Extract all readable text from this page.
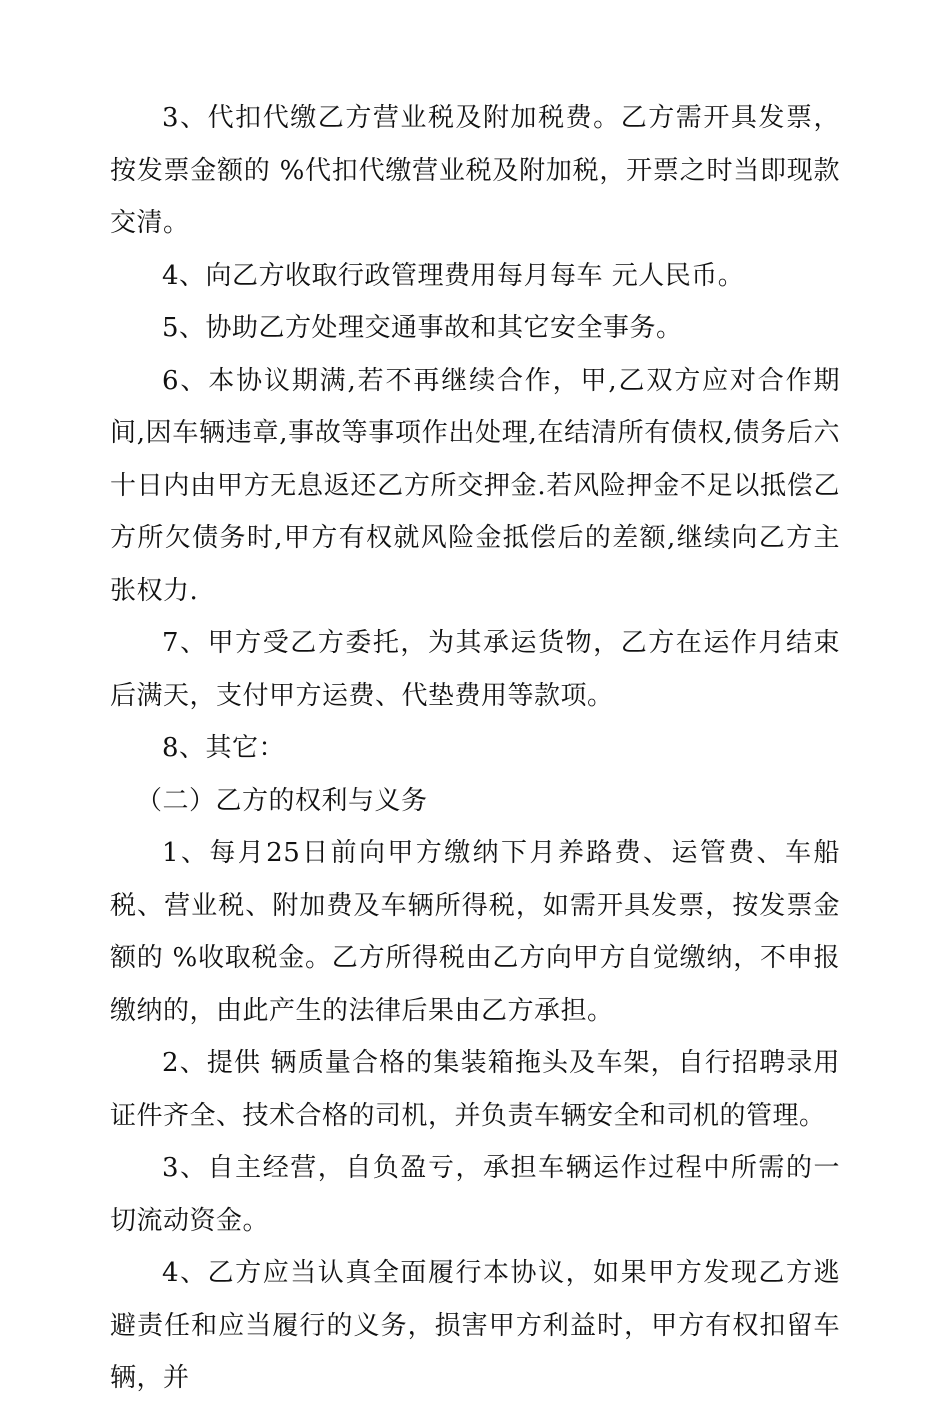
3、代扣代缴乙方营业税及附加税费。乙方需开具发票，按发票金额的 %代扣代缴营业税及附加税，开票之时当即现款交清。

4、向乙方收取行政管理费用每月每车 元人民币。

5、协助乙方处理交通事故和其它安全事务。

6、本协议期满,若不再继续合作，甲,乙双方应对合作期间,因车辆违章,事故等事项作出处理,在结清所有债权,债务后六十日内由甲方无息返还乙方所交押金.若风险押金不足以抵偿乙方所欠债务时,甲方有权就风险金抵偿后的差额,继续向乙方主张权力.

7、甲方受乙方委托，为其承运货物，乙方在运作月结束后满天，支付甲方运费、代垫费用等款项。

8、其它：

（二）乙方的权利与义务

1、每月25日前向甲方缴纳下月养路费、运管费、车船税、营业税、附加费及车辆所得税，如需开具发票，按发票金额的 %收取税金。乙方所得税由乙方向甲方自觉缴纳，不申报缴纳的，由此产生的法律后果由乙方承担。

2、提供 辆质量合格的集装箱拖头及车架，自行招聘录用证件齐全、技术合格的司机，并负责车辆安全和司机的管理。

3、自主经营，自负盈亏，承担车辆运作过程中所需的一切流动资金。

4、乙方应当认真全面履行本协议，如果甲方发现乙方逃避责任和应当履行的义务，损害甲方利益时，甲方有权扣留车辆，并
